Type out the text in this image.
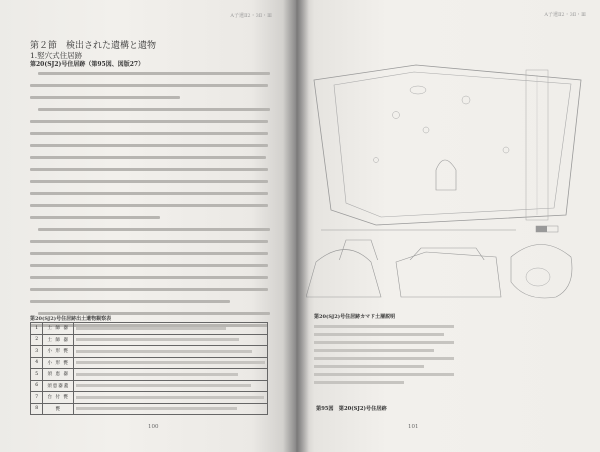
A子遺Ⅱ2・3Ⅱ・Ⅲ
第２節　検出された遺構と遺物
1.竪穴式住居跡
第20(SJ2)号住居跡（第95図、図版27）
第20(SJ2)号住居跡出土遺物観察表
1	土 師 器	

2	土 師 器	

3	小 形 甕	

4	小 形 甕	

5	須 恵 器	

6	須恵器蓋	

7	台 付 甕	

8	甕	
100
A子遺Ⅱ2・3Ⅱ・Ⅲ
第20(SJ2)号住居跡カマド土層説明

第95図　第20(SJ2)号住居跡
101
